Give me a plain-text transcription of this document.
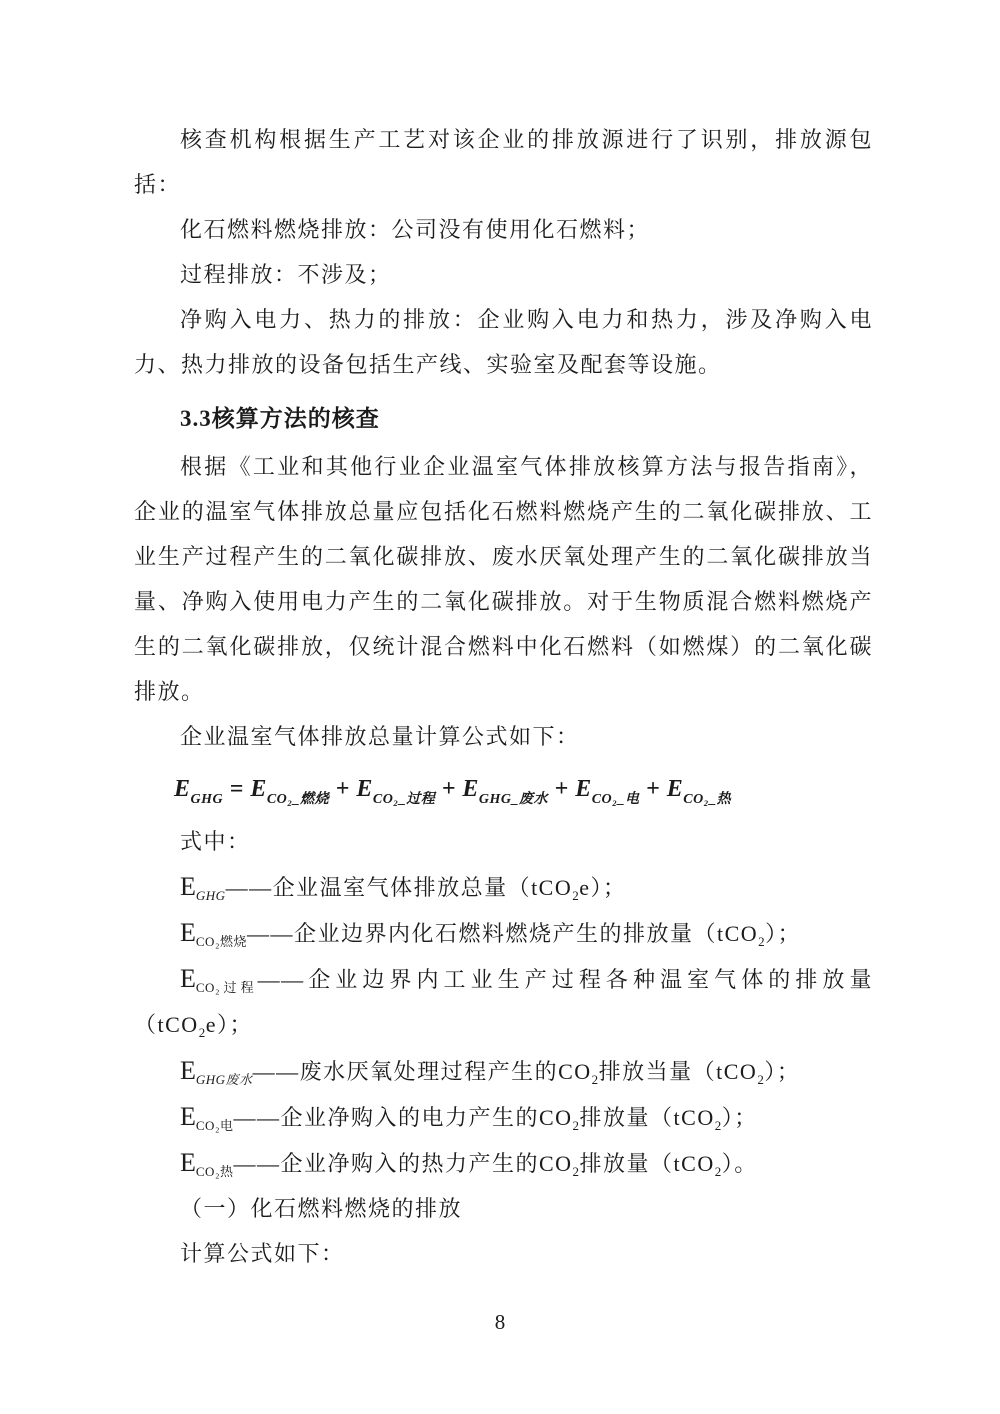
核查机构根据生产工艺对该企业的排放源进行了识别，排放源包
括：
化石燃料燃烧排放：公司没有使用化石燃料；
过程排放：不涉及；
净购入电力、热力的排放：企业购入电力和热力，涉及净购入电
力、热力排放的设备包括生产线、实验室及配套等设施。
3.3核算方法的核查
根据《工业和其他行业企业温室气体排放核算方法与报告指南》，
企业的温室气体排放总量应包括化石燃料燃烧产生的二氧化碳排放、工
业生产过程产生的二氧化碳排放、废水厌氧处理产生的二氧化碳排放当
量、净购入使用电力产生的二氧化碳排放。对于生物质混合燃料燃烧产
生的二氧化碳排放，仅统计混合燃料中化石燃料（如燃煤）的二氧化碳
排放。
企业温室气体排放总量计算公式如下：
$E_{GHG} = E_{CO_2\_燃烧} + E_{CO_2\_过程} + E_{GHG\_废水} + E_{CO_2\_电} + E_{CO_2\_热}$
式中：
$E_{GHG}——$企业温室气体排放总量（tCO$_2$e）；
$E_{CO_2燃烧}——$企业边界内化石燃料燃烧产生的排放量（tCO$_2$）；
$E_{CO_2过程}——$企业边界内工业生产过程各种温室气体的排放量
（tCO$_2$e）；
$E_{GHG废水}——$废水厌氧处理过程产生的$CO_2$排放当量（tCO$_2$）；
$E_{CO_2电}——$企业净购入的电力产生的$CO_2$排放量（tCO$_2$）；
$E_{CO_2热}——$企业净购入的热力产生的$CO_2$排放量（tCO$_2$）。
（一）化石燃料燃烧的排放
计算公式如下：
8
